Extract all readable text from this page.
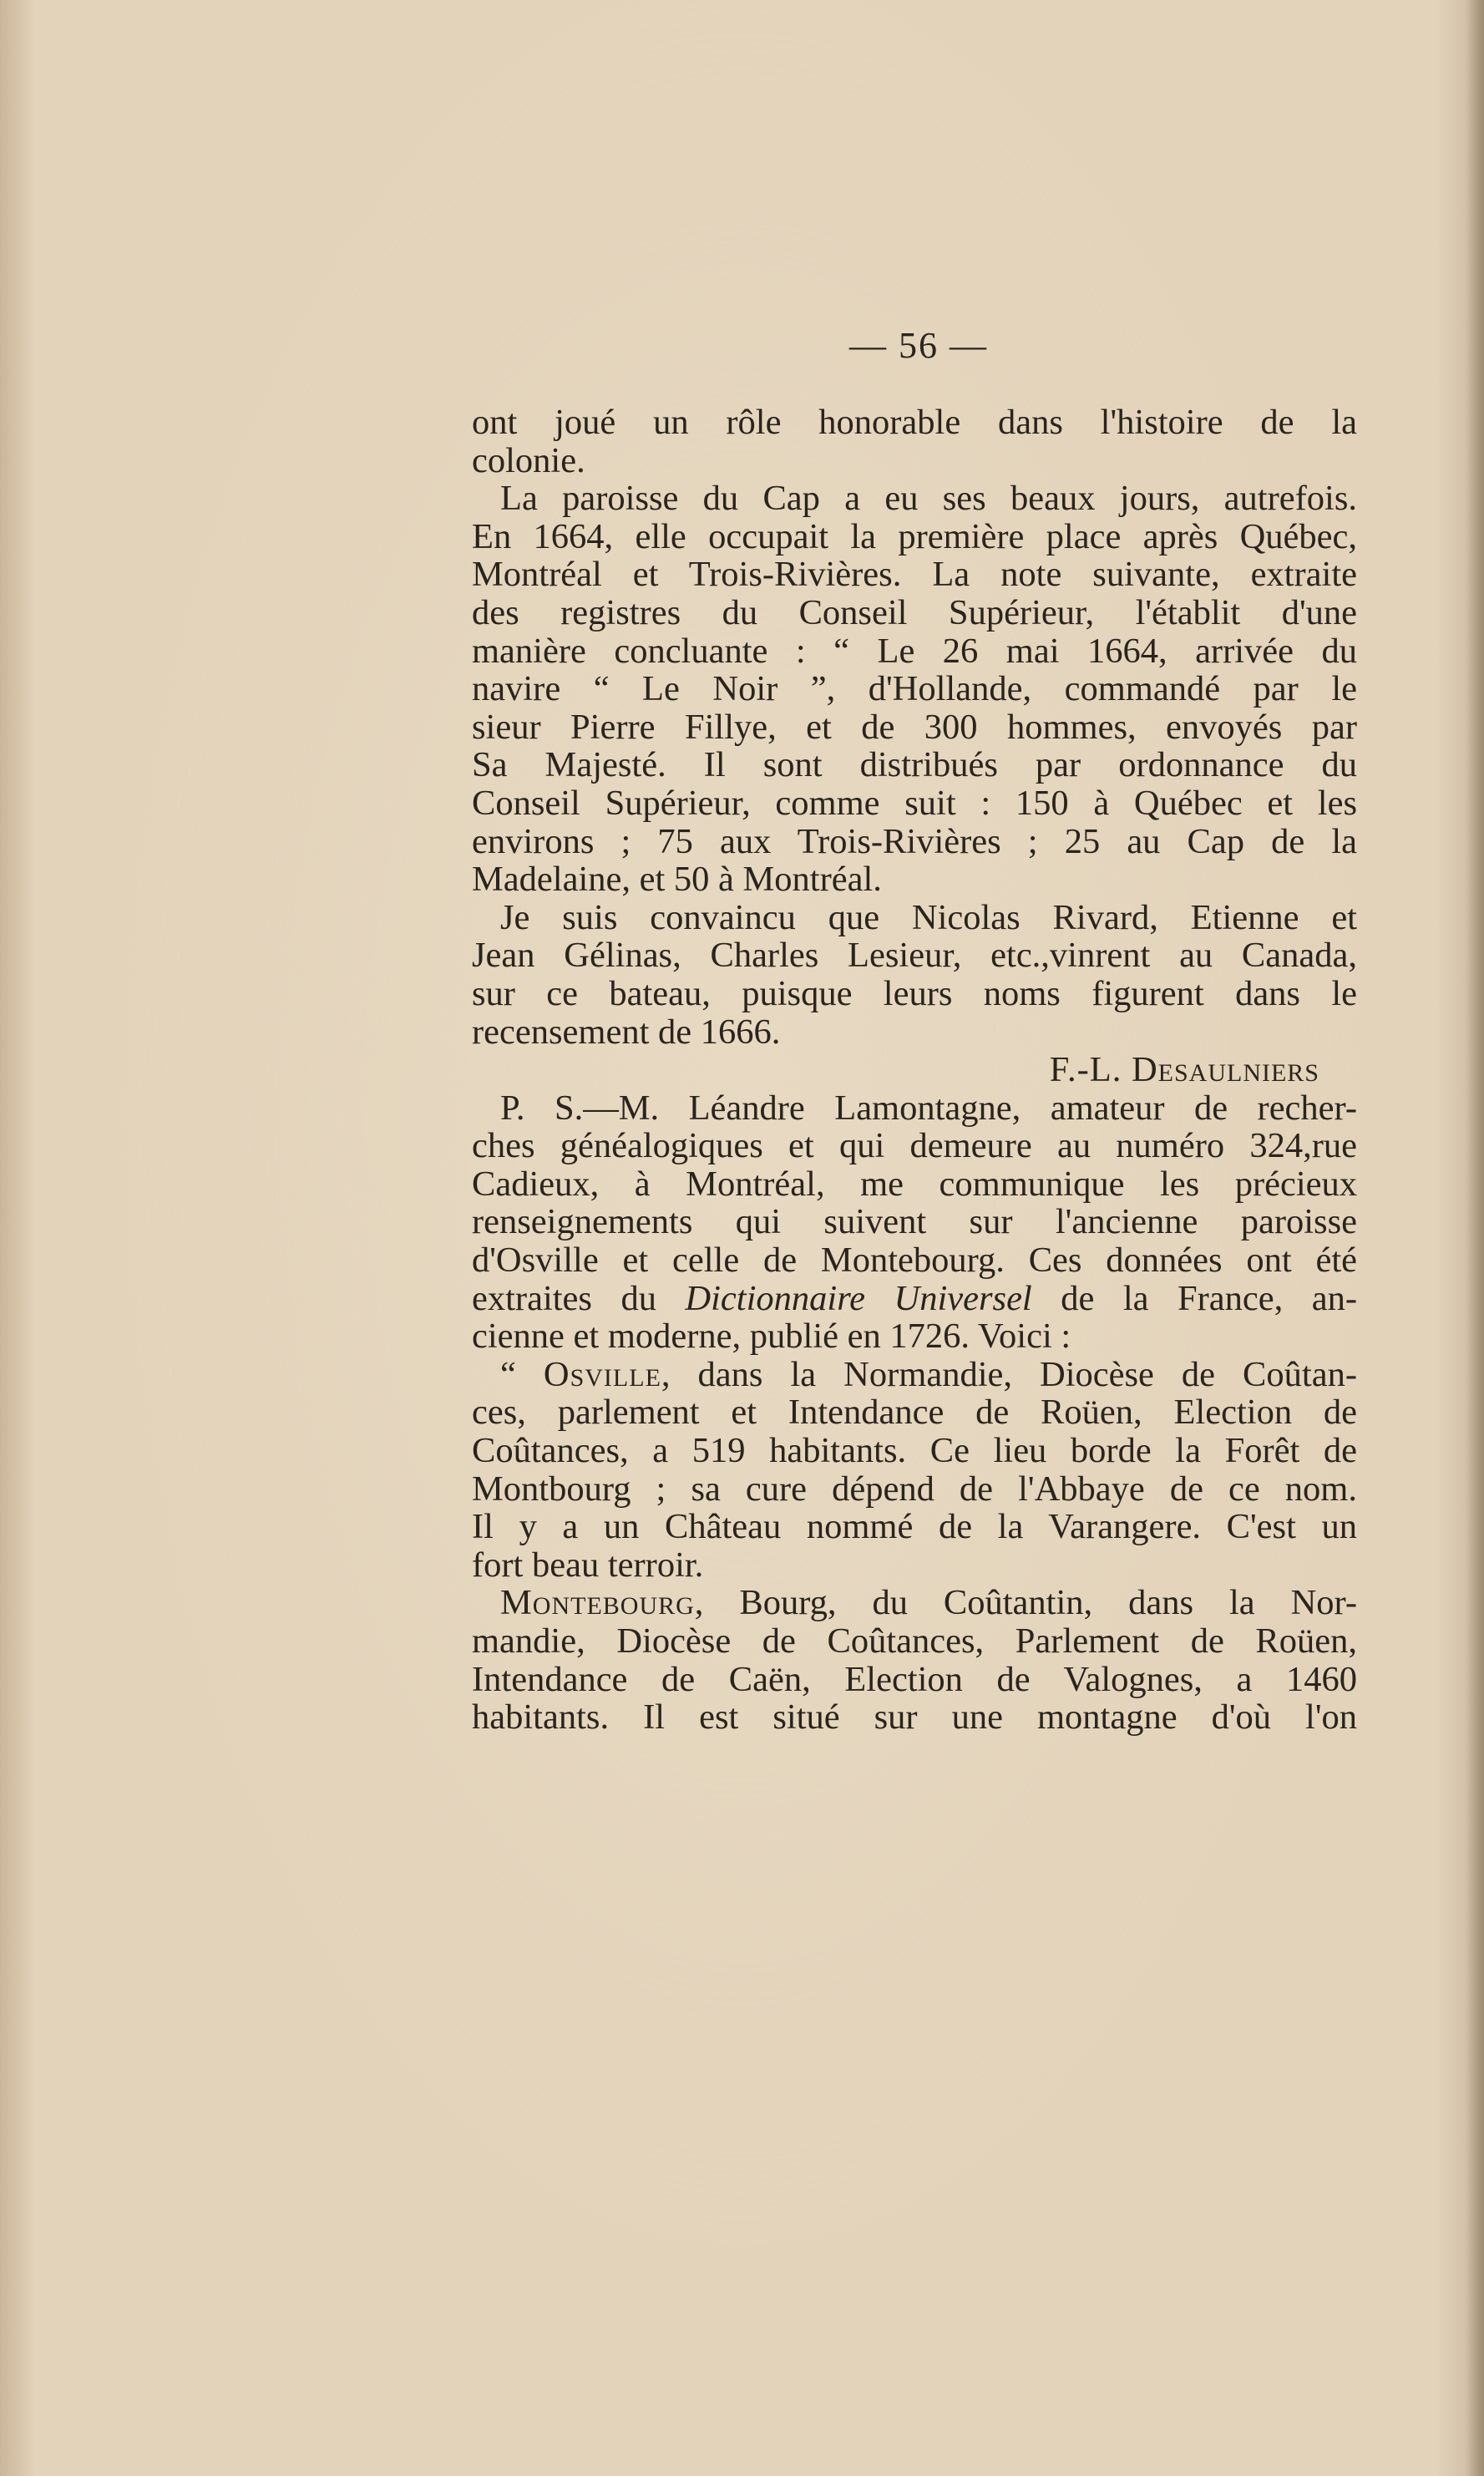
— 56 —
ont joué un rôle honorable dans l'histoire de la
colonie.
La paroisse du Cap a eu ses beaux jours, autrefois.
En 1664, elle occupait la première place après Québec,
Montréal et Trois-Rivières. La note suivante, extraite
des registres du Conseil Supérieur, l'établit d'une
manière concluante : “ Le 26 mai 1664, arrivée du
navire “ Le Noir ”, d'Hollande, commandé par le
sieur Pierre Fillye, et de 300 hommes, envoyés par
Sa Majesté. Il sont distribués par ordonnance du
Conseil Supérieur, comme suit : 150 à Québec et les
environs ; 75 aux Trois-Rivières ; 25 au Cap de la
Madelaine, et 50 à Montréal.
Je suis convaincu que Nicolas Rivard, Etienne et
Jean Gélinas, Charles Lesieur, etc.,vinrent au Canada,
sur ce bateau, puisque leurs noms figurent dans le
recensement de 1666.
F.-L. Desaulniers
P. S.—M. Léandre Lamontagne, amateur de recher-
ches généalogiques et qui demeure au numéro 324,rue
Cadieux, à Montréal, me communique les précieux
renseignements qui suivent sur l'ancienne paroisse
d'Osville et celle de Montebourg. Ces données ont été
extraites du Dictionnaire Universel de la France, an-
cienne et moderne, publié en 1726. Voici :
“ Osville, dans la Normandie, Diocèse de Coûtan-
ces, parlement et Intendance de Roüen, Election de
Coûtances, a 519 habitants. Ce lieu borde la Forêt de
Montbourg ; sa cure dépend de l'Abbaye de ce nom.
Il y a un Château nommé de la Varangere. C'est un
fort beau terroir.
Montebourg, Bourg, du Coûtantin, dans la Nor-
mandie, Diocèse de Coûtances, Parlement de Roüen,
Intendance de Caën, Election de Valognes, a 1460
habitants. Il est situé sur une montagne d'où l'on
